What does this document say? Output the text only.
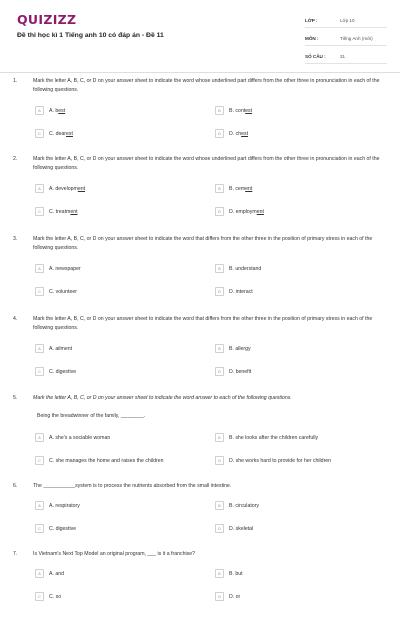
QUIZIZZ
Đề thi học kì 1 Tiếng anh 10 có đáp án - Đề 11
LỚP :	Lớp 10
MÔN :	Tiếng Anh (mới)
SỐ CÂU :	31
1.	Mark the letter A, B, C, or D on your answer sheet to indicate the word whose underlined part differs from the other three in pronunciation in each of the following questions.
A	A. best	B	B. contest
C	C. dearest	D	D. chest
2.	Mark the letter A, B, C, or D on your answer sheet to indicate the word whose underlined part differs from the other three in pronunciation in each of the following questions.
A	A. development	B	B. cement
C	C. treatment	D	D. employment
3.	Mark the letter A, B, C, or D on your answer sheet to indicate the word that differs from the other three in the position of primary stress in each of the following questions.
A	A. newspaper	B	B. understand
C	C. volunteer	D	D. interact
4.	Mark the letter A, B, C, or D on your answer sheet to indicate the word that differs from the other three in the position of primary stress in each of the following questions.
A	A. ailment	B	B. allergy
C	C. digestive	D	D. benefit
5.	Mark the letter A, B, C, or D on your answer sheet to indicate the word answer to each of the following questions.
Being the breadwinner of the family, ________.
A	A. she's a sociable woman	B	B. she looks after the children carefully
C	C. she manages the home and raises the children	D	D. she works hard to provide for her children
6.	The ___________system is to process the nutrients absorbed from the small intestine.
A	A. respiratory	B	B. circulatory
C	C. digestive	D	D. skeletal
7.	Is Vietnam's Next Top Model an original program, ___ is it a franchise?
A	A. and	B	B. but
C	C. so	D	D. or
